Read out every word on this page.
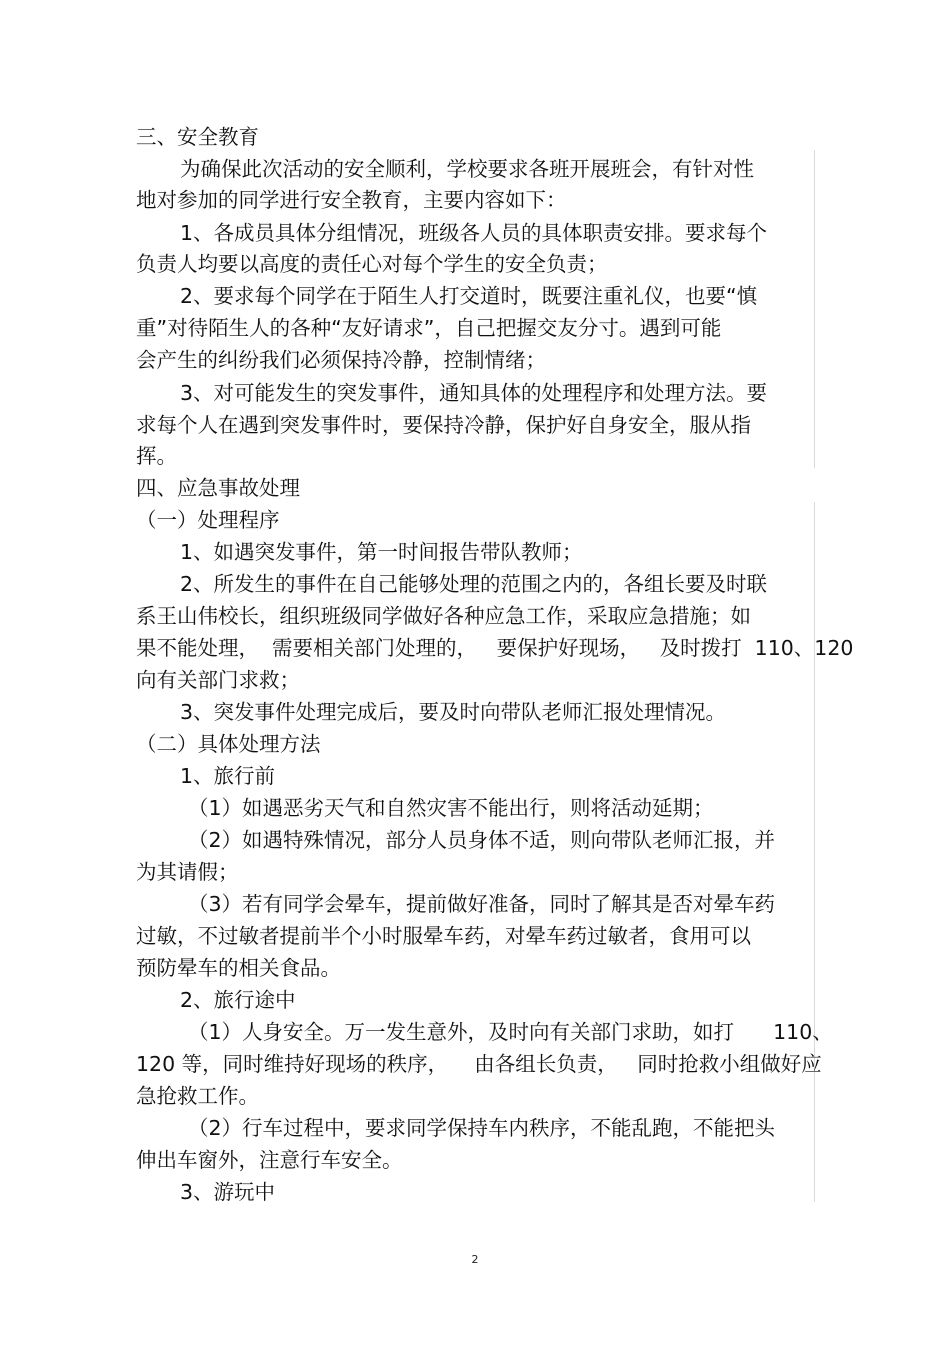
三、安全教育
为确保此次活动的安全顺利，学校要求各班开展班会，有针对性
地对参加的同学进行安全教育，主要内容如下：
1、各成员具体分组情况，班级各人员的具体职责安排。要求每个
负责人均要以高度的责任心对每个学生的安全负责；
2、要求每个同学在于陌生人打交道时，既要注重礼仪，也要“慎
重”对待陌生人的各种“友好请求”，自己把握交友分寸。遇到可能
会产生的纠纷我们必须保持冷静，控制情绪；
3、对可能发生的突发事件，通知具体的处理程序和处理方法。要
求每个人在遇到突发事件时，要保持冷静，保护好自身安全，服从指
挥。
四、应急事故处理
（一）处理程序
1、如遇突发事件，第一时间报告带队教师；
2、所发生的事件在自己能够处理的范围之内的，各组长要及时联
系王山伟校长，组织班级同学做好各种应急工作，采取应急措施；如
果不能处理，  需要相关部门处理的，   要保护好现场，   及时拨打  110、120
向有关部门求救；
3、突发事件处理完成后，要及时向带队老师汇报处理情况。
（二）具体处理方法
1、旅行前
（1）如遇恶劣天气和自然灾害不能出行，则将活动延期；
（2）如遇特殊情况，部分人员身体不适，则向带队老师汇报，并
为其请假；
（3）若有同学会晕车，提前做好准备，同时了解其是否对晕车药
过敏，不过敏者提前半个小时服晕车药，对晕车药过敏者，食用可以
预防晕车的相关食品。
2、旅行途中
（1）人身安全。万一发生意外，及时向有关部门求助，如打      110、
120 等，同时维持好现场的秩序，    由各组长负责，   同时抢救小组做好应
急抢救工作。
（2）行车过程中，要求同学保持车内秩序，不能乱跑，不能把头
伸出车窗外，注意行车安全。
3、游玩中
2
